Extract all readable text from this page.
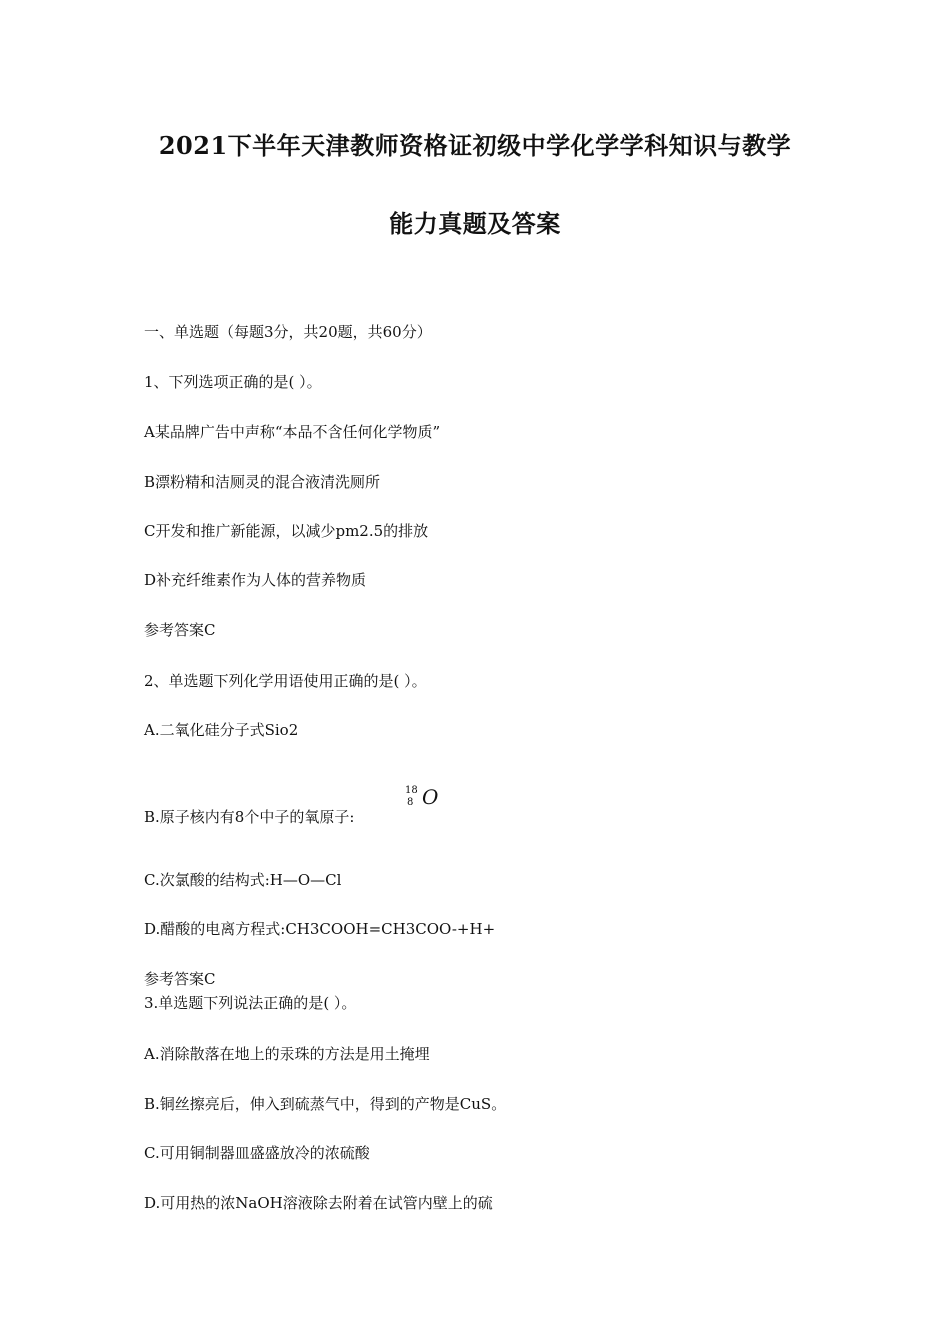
2021下半年天津教师资格证初级中学化学学科知识与教学
能力真题及答案
一、单选题（每题3分，共20题，共60分）
1、下列选项正确的是( ）。
A某品牌广告中声称“本品不含任何化学物质”
B漂粉精和洁厕灵的混合液清洗厕所
C开发和推广新能源，以减少pm2.5的排放
D补充纤维素作为人体的营养物质
参考答案C
2、单选题下列化学用语使用正确的是( ）。
A.二氧化硅分子式Sio2
B.原子核内有8个中子的氧原子:
18
8 O
C.次氯酸的结构式:H—O—Cl
D.醋酸的电离方程式:CH3COOH=CH3COO-+H+
参考答案C
3.单选题下列说法正确的是( ）。
A.消除散落在地上的汞珠的方法是用土掩埋
B.铜丝擦亮后，伸入到硫蒸气中，得到的产物是CuS。
C.可用铜制器皿盛盛放冷的浓硫酸
D.可用热的浓NaOH溶液除去附着在试管内壁上的硫
